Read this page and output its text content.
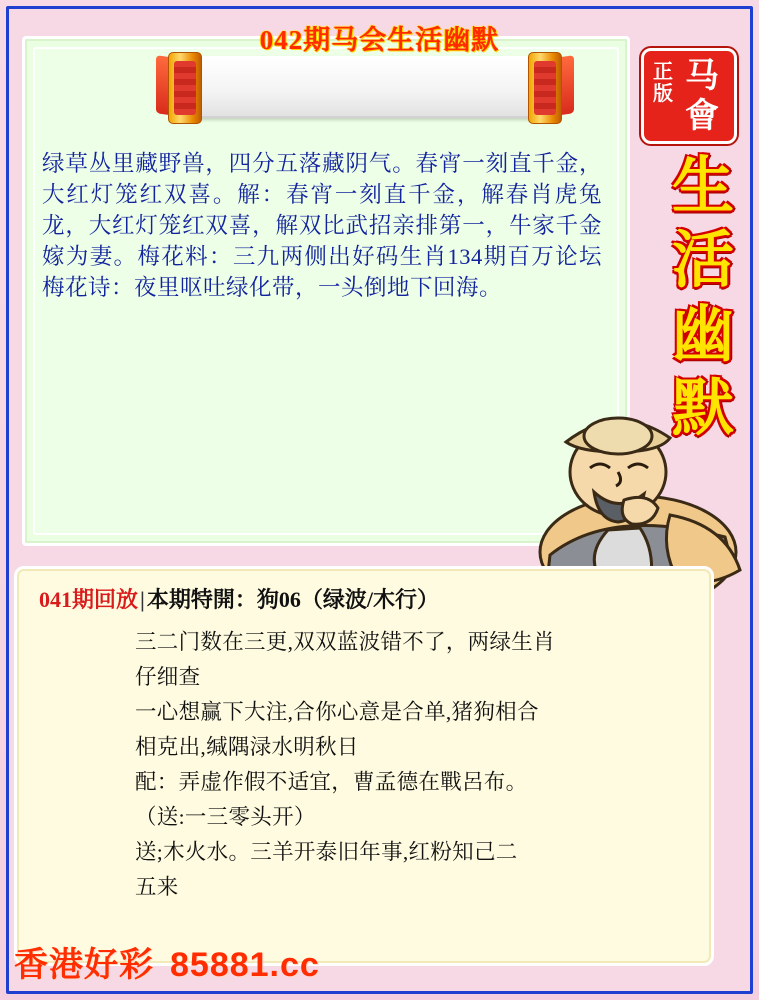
042期马会生活幽默
绿草丛里藏野兽，四分五落藏阴气。春宵一刻直千金，大红灯笼红双喜。解：春宵一刻直千金，解春肖虎兔龙，大红灯笼红双喜，解双比武招亲排第一，牛家千金嫁为妻。梅花料：三九两侧出好码生肖134期百万论坛梅花诗：夜里呕吐绿化带，一头倒地下回海。
正版 马會
生
活
幽
默
041期回放|本期特開：狗06（绿波/木行）
三二门数在三更,双双蓝波错不了，两绿生肖
仔细查
一心想赢下大注,合你心意是合单,猪狗相合
相克出,缄隅渌水明秋日
配：弄虚作假不适宜，曹孟德在戰呂布。
（送:一三零头开）
送;木火水。三羊开泰旧年事,红粉知己二
五来
香港好彩 85881.cc
